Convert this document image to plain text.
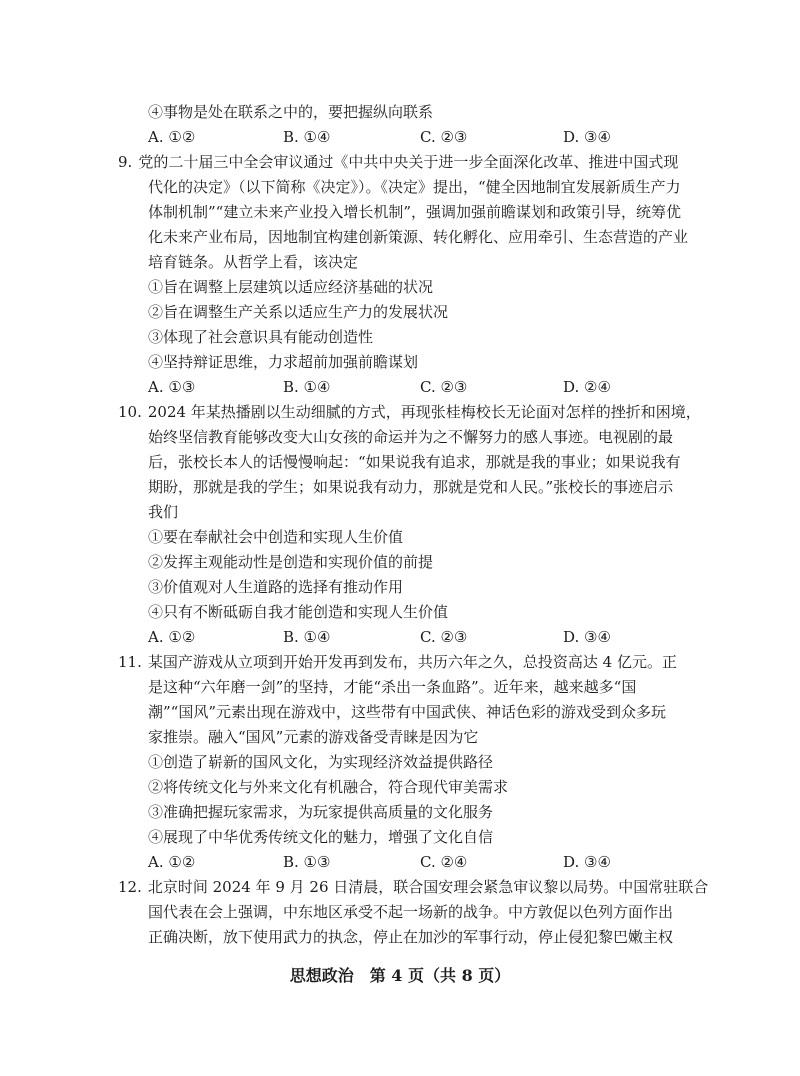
④事物是处在联系之中的，要把握纵向联系
A. ①②	B. ①④	C. ②③	D. ③④
9. 党的二十届三中全会审议通过《中共中央关于进一步全面深化改革、推进中国式现
代化的决定》（以下简称《决定》）。《决定》提出，“健全因地制宜发展新质生产力
体制机制”“建立未来产业投入增长机制”，强调加强前瞻谋划和政策引导，统筹优
化未来产业布局，因地制宜构建创新策源、转化孵化、应用牵引、生态营造的产业
培育链条。从哲学上看，该决定
①旨在调整上层建筑以适应经济基础的状况
②旨在调整生产关系以适应生产力的发展状况
③体现了社会意识具有能动创造性
④坚持辩证思维，力求超前加强前瞻谋划
A. ①③	B. ①④	C. ②③	D. ②④
10. 2024 年某热播剧以生动细腻的方式，再现张桂梅校长无论面对怎样的挫折和困境，
始终坚信教育能够改变大山女孩的命运并为之不懈努力的感人事迹。电视剧的最
后，张校长本人的话慢慢响起：“如果说我有追求，那就是我的事业；如果说我有
期盼，那就是我的学生；如果说我有动力，那就是党和人民。”张校长的事迹启示
我们
①要在奉献社会中创造和实现人生价值
②发挥主观能动性是创造和实现价值的前提
③价值观对人生道路的选择有推动作用
④只有不断砥砺自我才能创造和实现人生价值
A. ①②	B. ①④	C. ②③	D. ③④
11. 某国产游戏从立项到开始开发再到发布，共历六年之久，总投资高达 4 亿元。正
是这种“六年磨一剑”的坚持，才能“杀出一条血路”。近年来，越来越多“国
潮”“国风”元素出现在游戏中，这些带有中国武侠、神话色彩的游戏受到众多玩
家推崇。融入“国风”元素的游戏备受青睐是因为它
①创造了崭新的国风文化，为实现经济效益提供路径
②将传统文化与外来文化有机融合，符合现代审美需求
③准确把握玩家需求，为玩家提供高质量的文化服务
④展现了中华优秀传统文化的魅力，增强了文化自信
A. ①②	B. ①③	C. ②④	D. ③④
12. 北京时间 2024 年 9 月 26 日清晨，联合国安理会紧急审议黎以局势。中国常驻联合
国代表在会上强调，中东地区承受不起一场新的战争。中方敦促以色列方面作出
正确决断，放下使用武力的执念，停止在加沙的军事行动，停止侵犯黎巴嫩主权
思想政治　第 4 页（共 8 页）
